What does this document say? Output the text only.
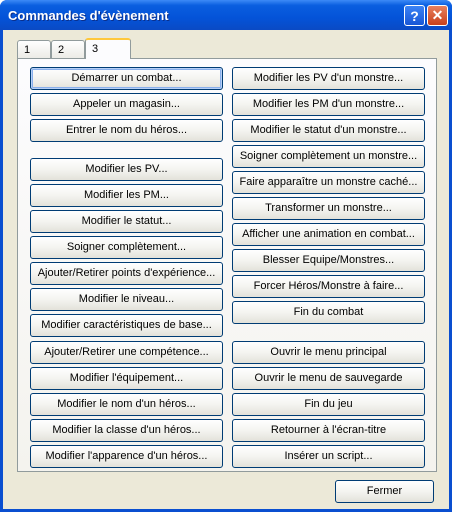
Commandes d'évènement	? ✕
1	2	3
Démarrer un combat...
Appeler un magasin...
Entrer le nom du héros...
Modifier les PV...
Modifier les PM...
Modifier le statut...
Soigner complètement...
Ajouter/Retirer points d'expérience...
Modifier le niveau...
Modifier caractéristiques de base...
Ajouter/Retirer une compétence...
Modifier l'équipement...
Modifier le nom d'un héros...
Modifier la classe d'un héros...
Modifier l'apparence d'un héros...
Modifier les PV d'un monstre...
Modifier les PM d'un monstre...
Modifier le statut d'un monstre...
Soigner complètement un monstre...
Faire apparaître un monstre caché...
Transformer un monstre...
Afficher une animation en combat...
Blesser Equipe/Monstres...
Forcer Héros/Monstre à faire...
Fin du combat
Ouvrir le menu principal
Ouvrir le menu de sauvegarde
Fin du jeu
Retourner à l'écran-titre
Insérer un script...
Fermer
